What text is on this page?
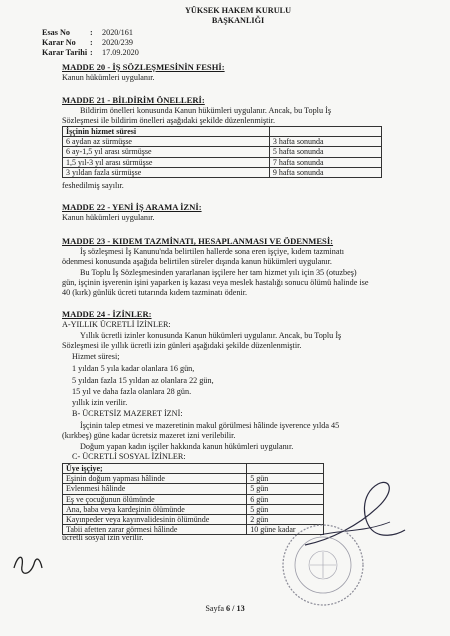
YÜKSEK HAKEM KURULU
BAŞKANLIĞI
Esas No : 2020/161
Karar No : 2020/239
Karar Tarihi : 17.09.2020
MADDE 20 - İŞ SÖZLEŞMESİNİN FESHİ:

Kanun hükümleri uygulanır.

MADDE 21 - BİLDİRİM ÖNELLERİ:

Bildirim önelleri konusunda Kanun hükümleri uygulanır. Ancak, bu Toplu İş

Sözleşmesi ile bildirim önelleri aşağıdaki şekilde düzenlenmiştir.

İşçinin hizmet süresi	
6 aydan az sürmüşse	3 hafta sonunda
6 ay-1,5 yıl arası sürmüşse	5 hafta sonunda
1,5 yıl-3 yıl arası sürmüşse	7 hafta sonunda
3 yıldan fazla sürmüşse	9 hafta sonunda

feshedilmiş sayılır.

MADDE 22 - YENİ İŞ ARAMA İZNİ:

Kanun hükümleri uygulanır.

MADDE 23 - KIDEM TAZMİNATI, HESAPLANMASI VE ÖDENMESİ:

İş sözleşmesi İş Kanunu'nda belirtilen hallerde sona eren işçiye, kıdem tazminatı

ödenmesi konusunda aşağıda belirtilen süreler dışında kanun hükümleri uygulanır.

Bu Toplu İş Sözleşmesinden yararlanan işçilere her tam hizmet yılı için 35 (otuzbeş)

gün, işçinin işverenin işini yaparken iş kazası veya meslek hastalığı sonucu ölümü halinde ise

40 (kırk) günlük ücreti tutarında kıdem tazminatı ödenir.

MADDE 24 - İZİNLER:

A-YILLIK ÜCRETLİ İZİNLER:

Yıllık ücretli izinler konusunda Kanun hükümleri uygulanır. Ancak, bu Toplu İş

Sözleşmesi ile yıllık ücretli izin günleri aşağıdaki şekilde düzenlenmiştir.

Hizmet süresi;

1 yıldan 5 yıla kadar olanlara 16 gün,

5 yıldan fazla 15 yıldan az olanlara 22 gün,

15 yıl ve daha fazla olanlara 28 gün.

yıllık izin verilir.

B- ÜCRETSİZ MAZERET İZNİ:

İşçinin talep etmesi ve mazeretinin makul görülmesi hâlinde işverence yılda 45

(kırkbeş) güne kadar ücretsiz mazeret izni verilebilir.

Doğum yapan kadın işçiler hakkında kanun hükümleri uygulanır.

C- ÜCRETLİ SOSYAL İZİNLER:

Üye işçiye;	
Eşinin doğum yapması hâlinde	5 gün
Evlenmesi hâlinde	5 gün
Eş ve çocuğunun ölümünde	6 gün
Ana, baba veya kardeşinin ölümünde	5 gün
Kayınpeder veya kayınvalidesinin ölümünde	2 gün
Tabii afetten zarar görmesi hâlinde	10 güne kadar

ücretli sosyal izin verilir.

Sayfa 6 / 13
